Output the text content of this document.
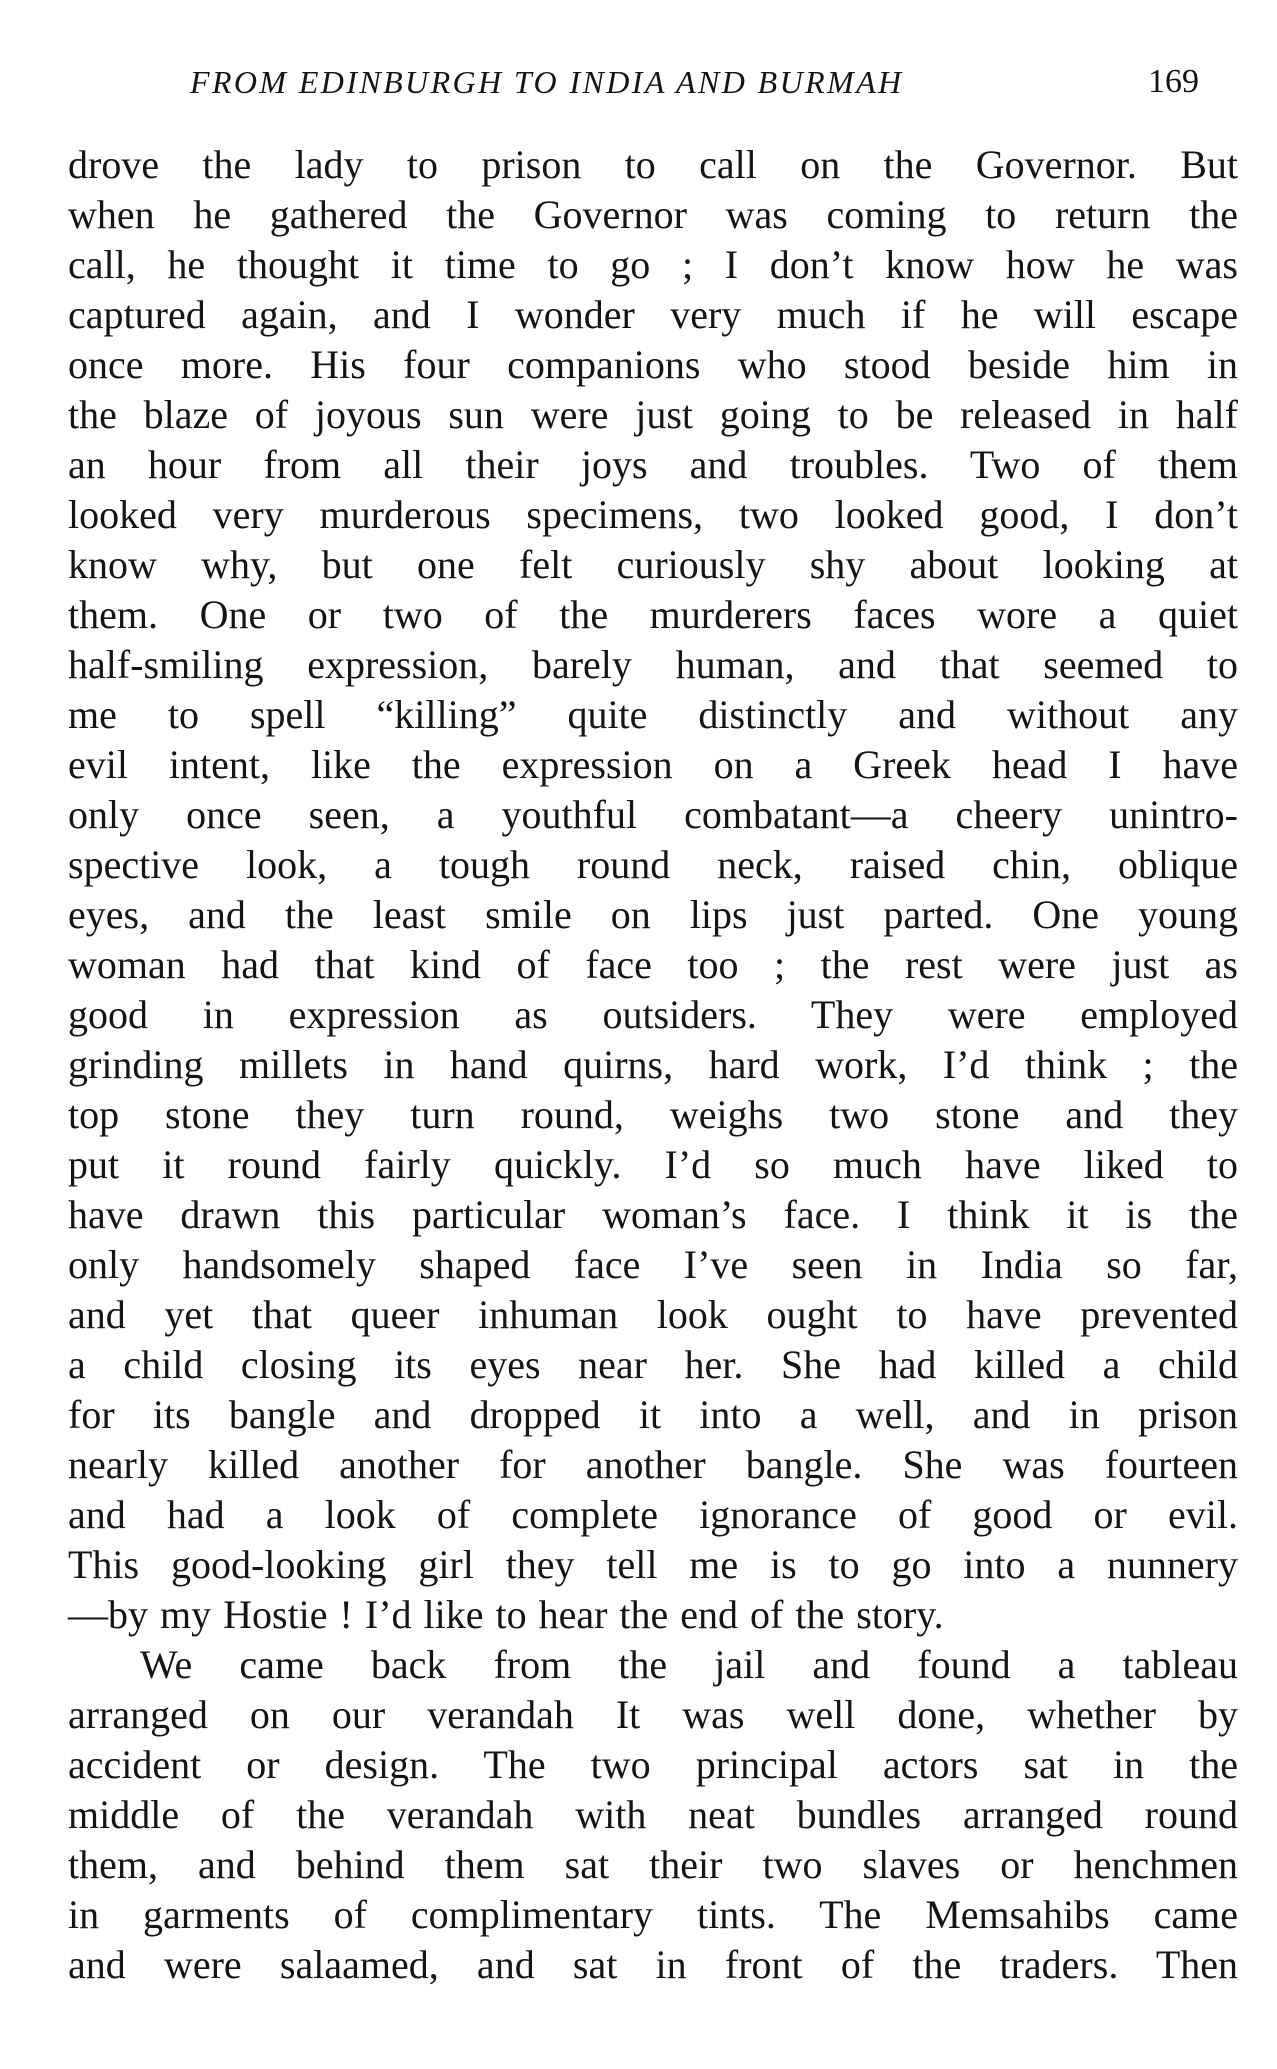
FROM EDINBURGH TO INDIA AND BURMAH	169
drove the lady to prison to call on the Governor. But
when he gathered the Governor was coming to return the
call, he thought it time to go ; I don’t know how he was
captured again, and I wonder very much if he will escape
once more. His four companions who stood beside him in
the blaze of joyous sun were just going to be released in half
an hour from all their joys and troubles. Two of them
looked very murderous specimens, two looked good, I don’t
know why, but one felt curiously shy about looking at
them. One or two of the murderers faces wore a quiet
half-smiling expression, barely human, and that seemed to
me to spell “killing” quite distinctly and without any
evil intent, like the expression on a Greek head I have
only once seen, a youthful combatant—a cheery unintro-
spective look, a tough round neck, raised chin, oblique
eyes, and the least smile on lips just parted. One young
woman had that kind of face too ; the rest were just as
good in expression as outsiders. They were employed
grinding millets in hand quirns, hard work, I’d think ; the
top stone they turn round, weighs two stone and they
put it round fairly quickly. I’d so much have liked to
have drawn this particular woman’s face. I think it is the
only handsomely shaped face I’ve seen in India so far,
and yet that queer inhuman look ought to have prevented
a child closing its eyes near her. She had killed a child
for its bangle and dropped it into a well, and in prison
nearly killed another for another bangle. She was fourteen
and had a look of complete ignorance of good or evil.
This good-looking girl they tell me is to go into a nunnery
—by my Hostie ! I’d like to hear the end of the story.
We came back from the jail and found a tableau
arranged on our verandah It was well done, whether by
accident or design. The two principal actors sat in the
middle of the verandah with neat bundles arranged round
them, and behind them sat their two slaves or henchmen
in garments of complimentary tints. The Memsahibs came
and were salaamed, and sat in front of the traders. Then
